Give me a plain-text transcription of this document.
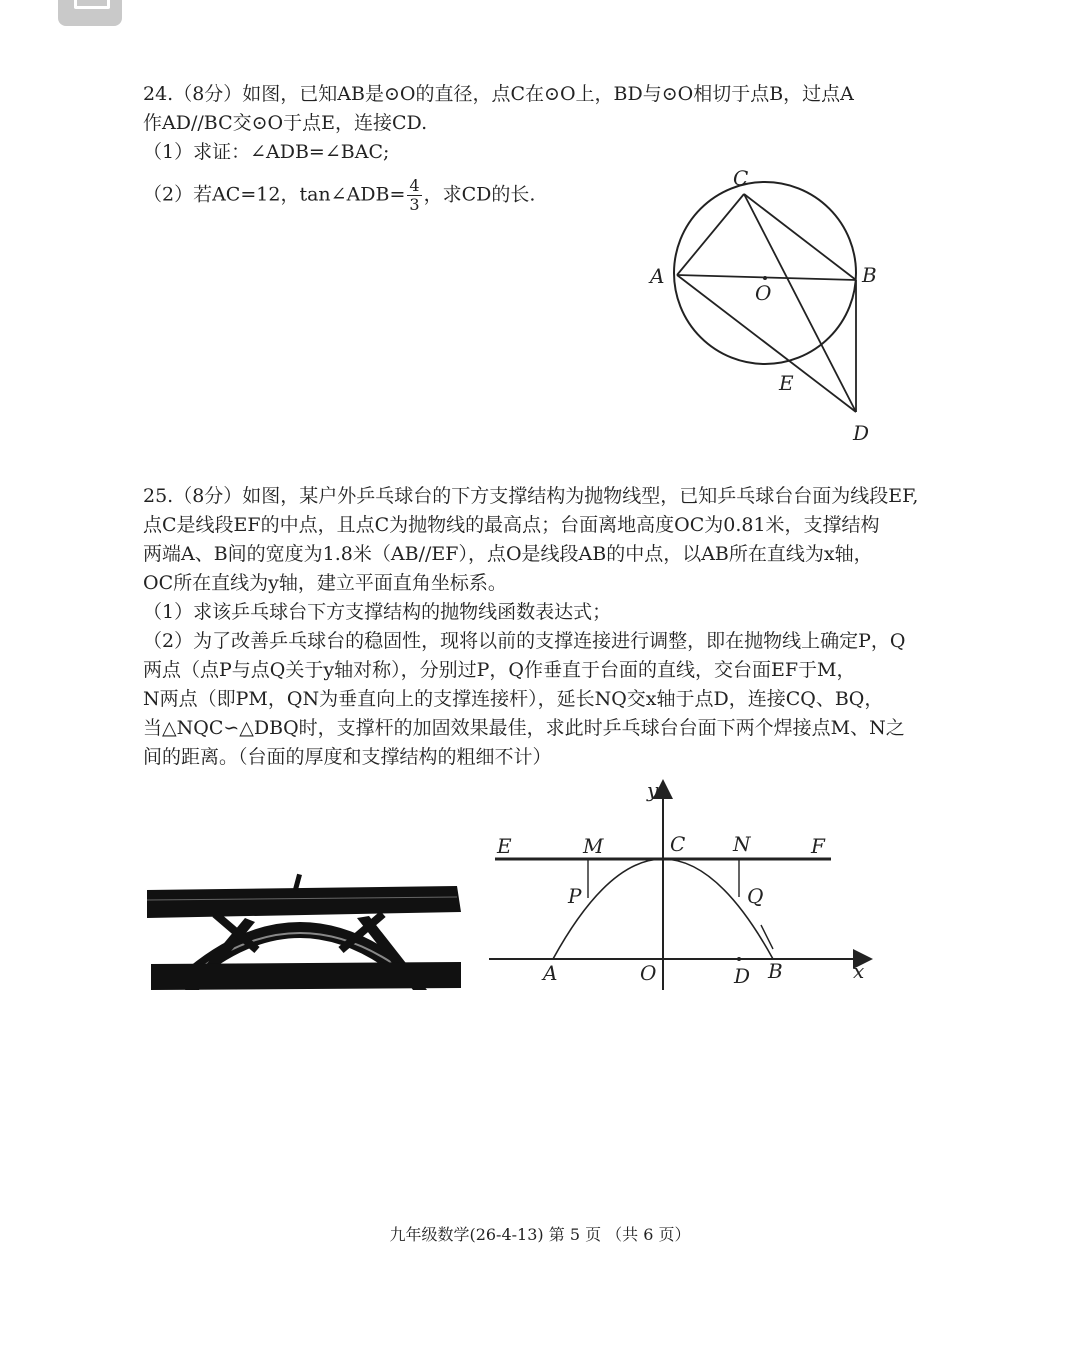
24.（8分）如图，已知AB是⊙O的直径，点C在⊙O上，BD与⊙O相切于点B，过点A
作AD//BC交⊙O于点E，连接CD.
（1）求证：∠ADB=∠BAC;
（2）若AC=12，tan∠ADB= $\frac{4}{3}$ ，求CD的长.
C
A
O
B
E
D
25.（8分）如图，某户外乒乓球台的下方支撑结构为抛物线型，已知乒乓球台台面为线段EF,
点C是线段EF的中点，且点C为抛物线的最高点；台面离地高度OC为0.81米，支撑结构
两端A、B间的宽度为1.8米（AB//EF），点O是线段AB的中点，以AB所在直线为x轴，
OC所在直线为y轴，建立平面直角坐标系。
（1）求该乒乓球台下方支撑结构的抛物线函数表达式；
（2）为了改善乒乓球台的稳固性，现将以前的支撑连接进行调整，即在抛物线上确定P，Q
两点（点P与点Q关于y轴对称），分别过P，Q作垂直于台面的直线，交台面EF于M，
N两点（即PM，QN为垂直向上的支撑连接杆），延长NQ交x轴于点D，连接CQ、BQ，
当△NQC∽△DBQ时，支撑杆的加固效果最佳，求此时乒乓球台台面下两个焊接点M、N之
间的距离。（台面的厚度和支撑结构的粗细不计）
y
E	M	C N	F
P	Q
A	O	D B	x
九年级数学(26-4-13) 第 5 页 （共 6 页）
